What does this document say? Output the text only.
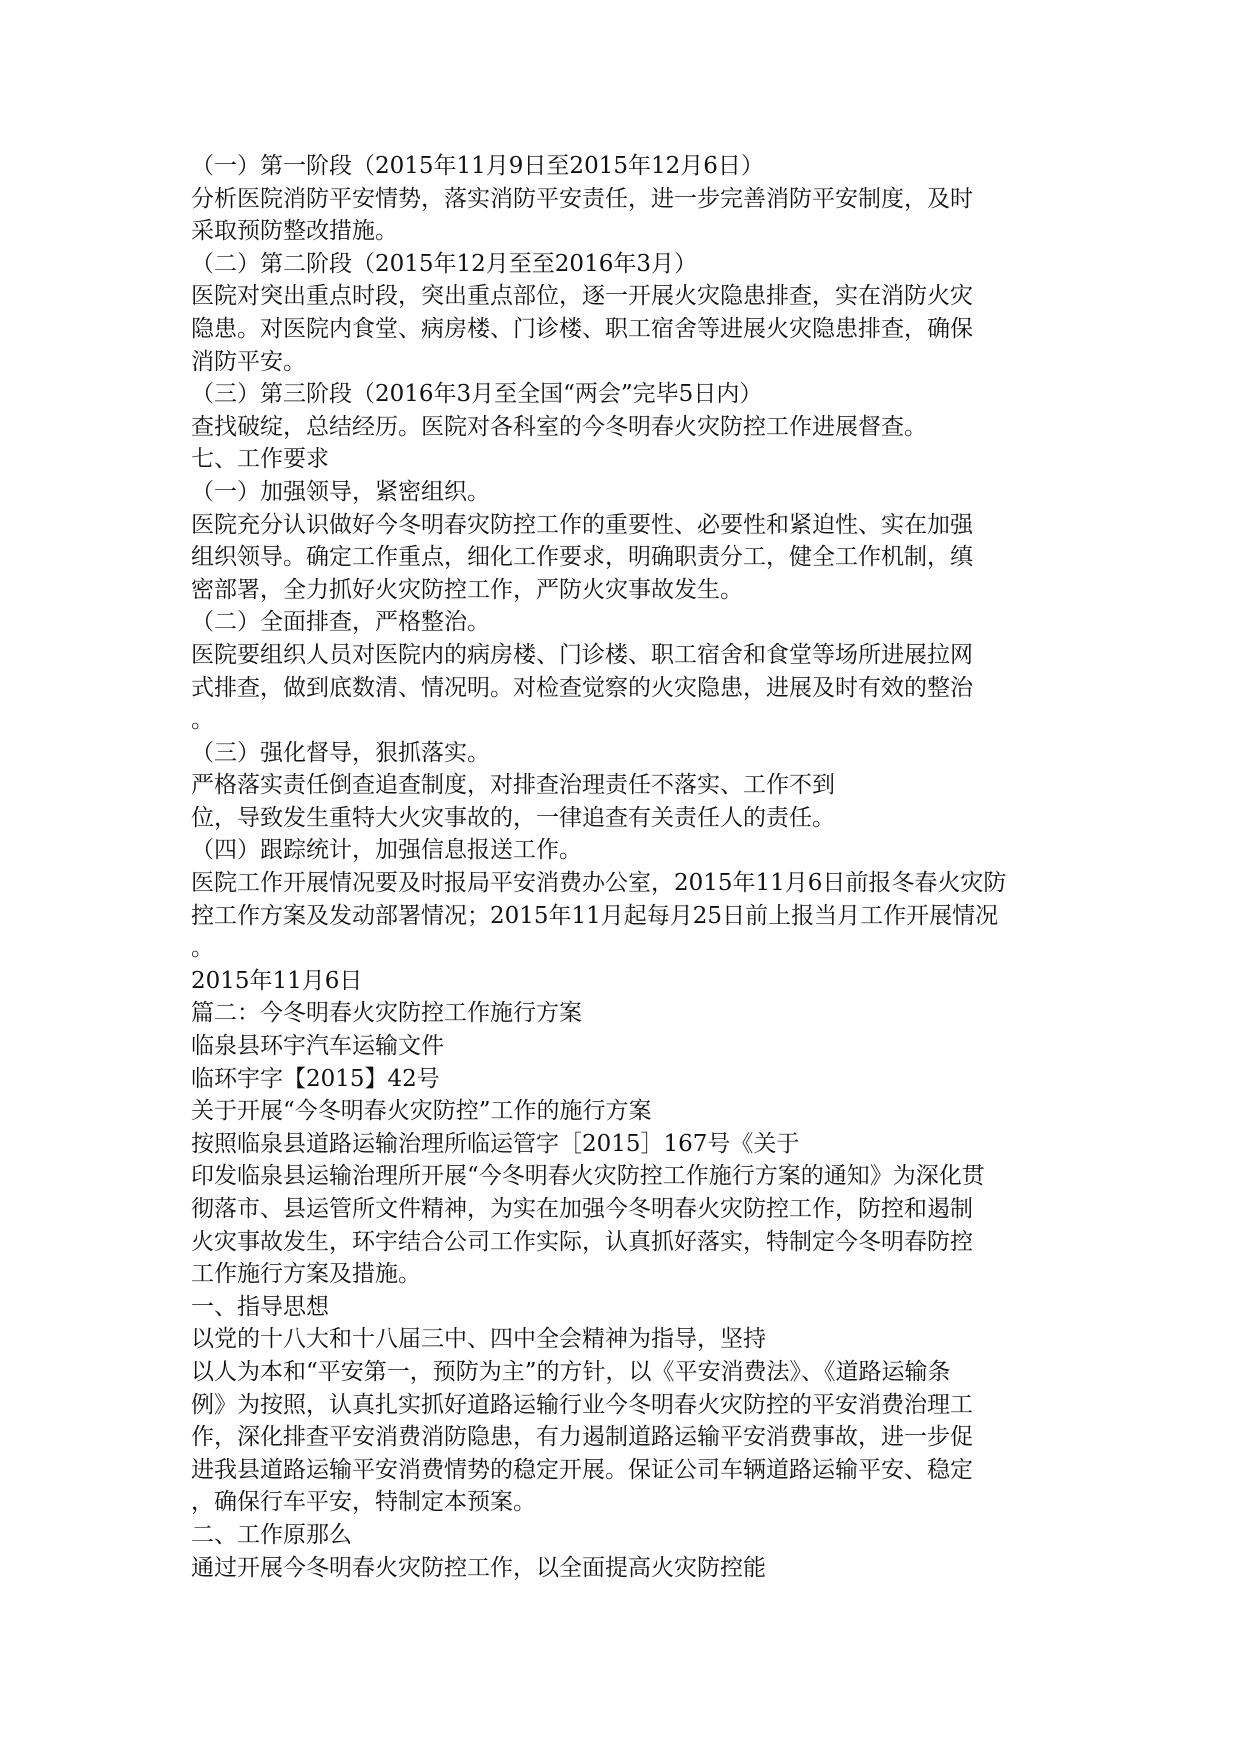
（一）第一阶段（2015年11月9日至2015年12月6日）
分析医院消防平安情势，落实消防平安责任，进一步完善消防平安制度，及时
采取预防整改措施。
（二）第二阶段（2015年12月至至2016年3月）
医院对突出重点时段，突出重点部位，逐一开展火灾隐患排查，实在消防火灾
隐患。对医院内食堂、病房楼、门诊楼、职工宿舍等进展火灾隐患排查，确保
消防平安。
（三）第三阶段（2016年3月至全国“两会”完毕5日内）
查找破绽，总结经历。医院对各科室的今冬明春火灾防控工作进展督查。
七、工作要求
（一）加强领导，紧密组织。
医院充分认识做好今冬明春灾防控工作的重要性、必要性和紧迫性、实在加强
组织领导。确定工作重点，细化工作要求，明确职责分工，健全工作机制，缜
密部署，全力抓好火灾防控工作，严防火灾事故发生。
（二）全面排查，严格整治。
医院要组织人员对医院内的病房楼、门诊楼、职工宿舍和食堂等场所进展拉网
式排查，做到底数清、情况明。对检查觉察的火灾隐患，进展及时有效的整治
。
（三）强化督导，狠抓落实。
严格落实责任倒查追查制度，对排查治理责任不落实、工作不到
位，导致发生重特大火灾事故的，一律追查有关责任人的责任。
（四）跟踪统计，加强信息报送工作。
医院工作开展情况要及时报局平安消费办公室，2015年11月6日前报冬春火灾防
控工作方案及发动部署情况；2015年11月起每月25日前上报当月工作开展情况
。
2015年11月6日
篇二：今冬明春火灾防控工作施行方案
临泉县环宇汽车运输文件
临环宇字【2015】42号
关于开展“今冬明春火灾防控”工作的施行方案
按照临泉县道路运输治理所临运管字［2015］167号《关于
印发临泉县运输治理所开展“今冬明春火灾防控工作施行方案的通知》为深化贯
彻落市、县运管所文件精神，为实在加强今冬明春火灾防控工作，防控和遏制
火灾事故发生，环宇结合公司工作实际，认真抓好落实，特制定今冬明春防控
工作施行方案及措施。
一、指导思想
以党的十八大和十八届三中、四中全会精神为指导，坚持
以人为本和“平安第一，预防为主”的方针，以《平安消费法》、《道路运输条
例》为按照，认真扎实抓好道路运输行业今冬明春火灾防控的平安消费治理工
作，深化排查平安消费消防隐患，有力遏制道路运输平安消费事故，进一步促
进我县道路运输平安消费情势的稳定开展。保证公司车辆道路运输平安、稳定
，确保行车平安，特制定本预案。
二、工作原那么
通过开展今冬明春火灾防控工作，以全面提高火灾防控能
